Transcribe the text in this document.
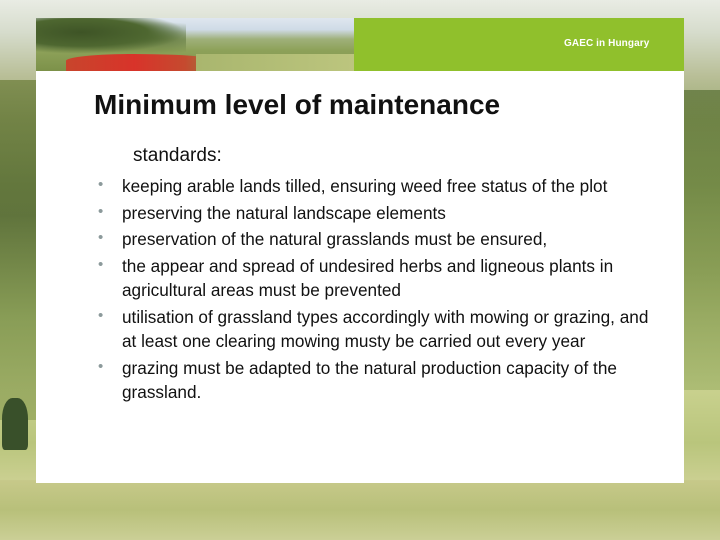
GAEC in Hungary
Minimum level of maintenance

standards:

• keeping arable lands tilled, ensuring weed free status of the plot
• preserving the natural landscape elements
• preservation of the natural grasslands must be ensured,
• the appear and spread of undesired herbs and ligneous plants in agricultural areas must be prevented
• utilisation of grassland types accordingly with mowing or grazing, and at least one clearing mowing musty be carried out every year
• grazing must be adapted to the natural production capacity of the grassland.
